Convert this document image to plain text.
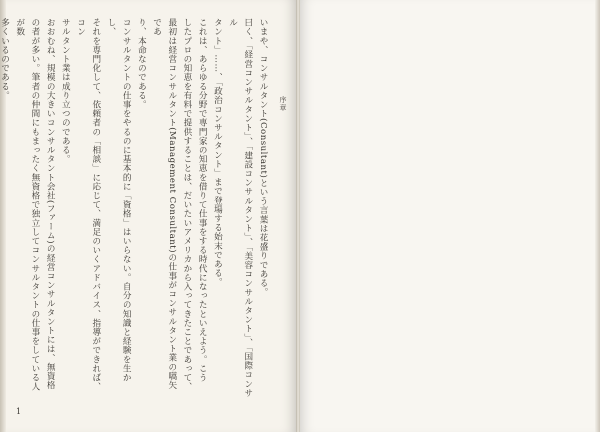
いまや、コンサルタント(Consultant)という言葉は花盛りである。
曰く、「経営コンサルタント」、「建設コンサルタント」、「美容コンサルタント」、「国際コンサル
タント」……、「政治コンサルタント」まで登場する始末である。
これは、あらゆる分野で専門家の知恵を借りて仕事をする時代になったといえよう。こう
したプロの知恵を有料で提供することは、だいたいアメリカから入ってきたことであって、
最初は経営コンサルタント(Management Consultant)の仕事がコンサルタント業の嚆矢であ
り、本命なのである。
コンサルタントの仕事をやるのに基本的に「資格」はいらない。自分の知識と経験を生かし、
それを専門化して、依頼者の「相談」に応じて、満足のいくアドバイス、指導ができれば、コン
サルタント業は成り立つのである。
おおむね、規模の大きいコンサルタント会社(ファーム)の経営コンサルタントには、無資格
の者が多い。筆者の仲間にもまったく無資格で独立してコンサルタントの仕事をしている人が数
多くいるのである。
序章
1
